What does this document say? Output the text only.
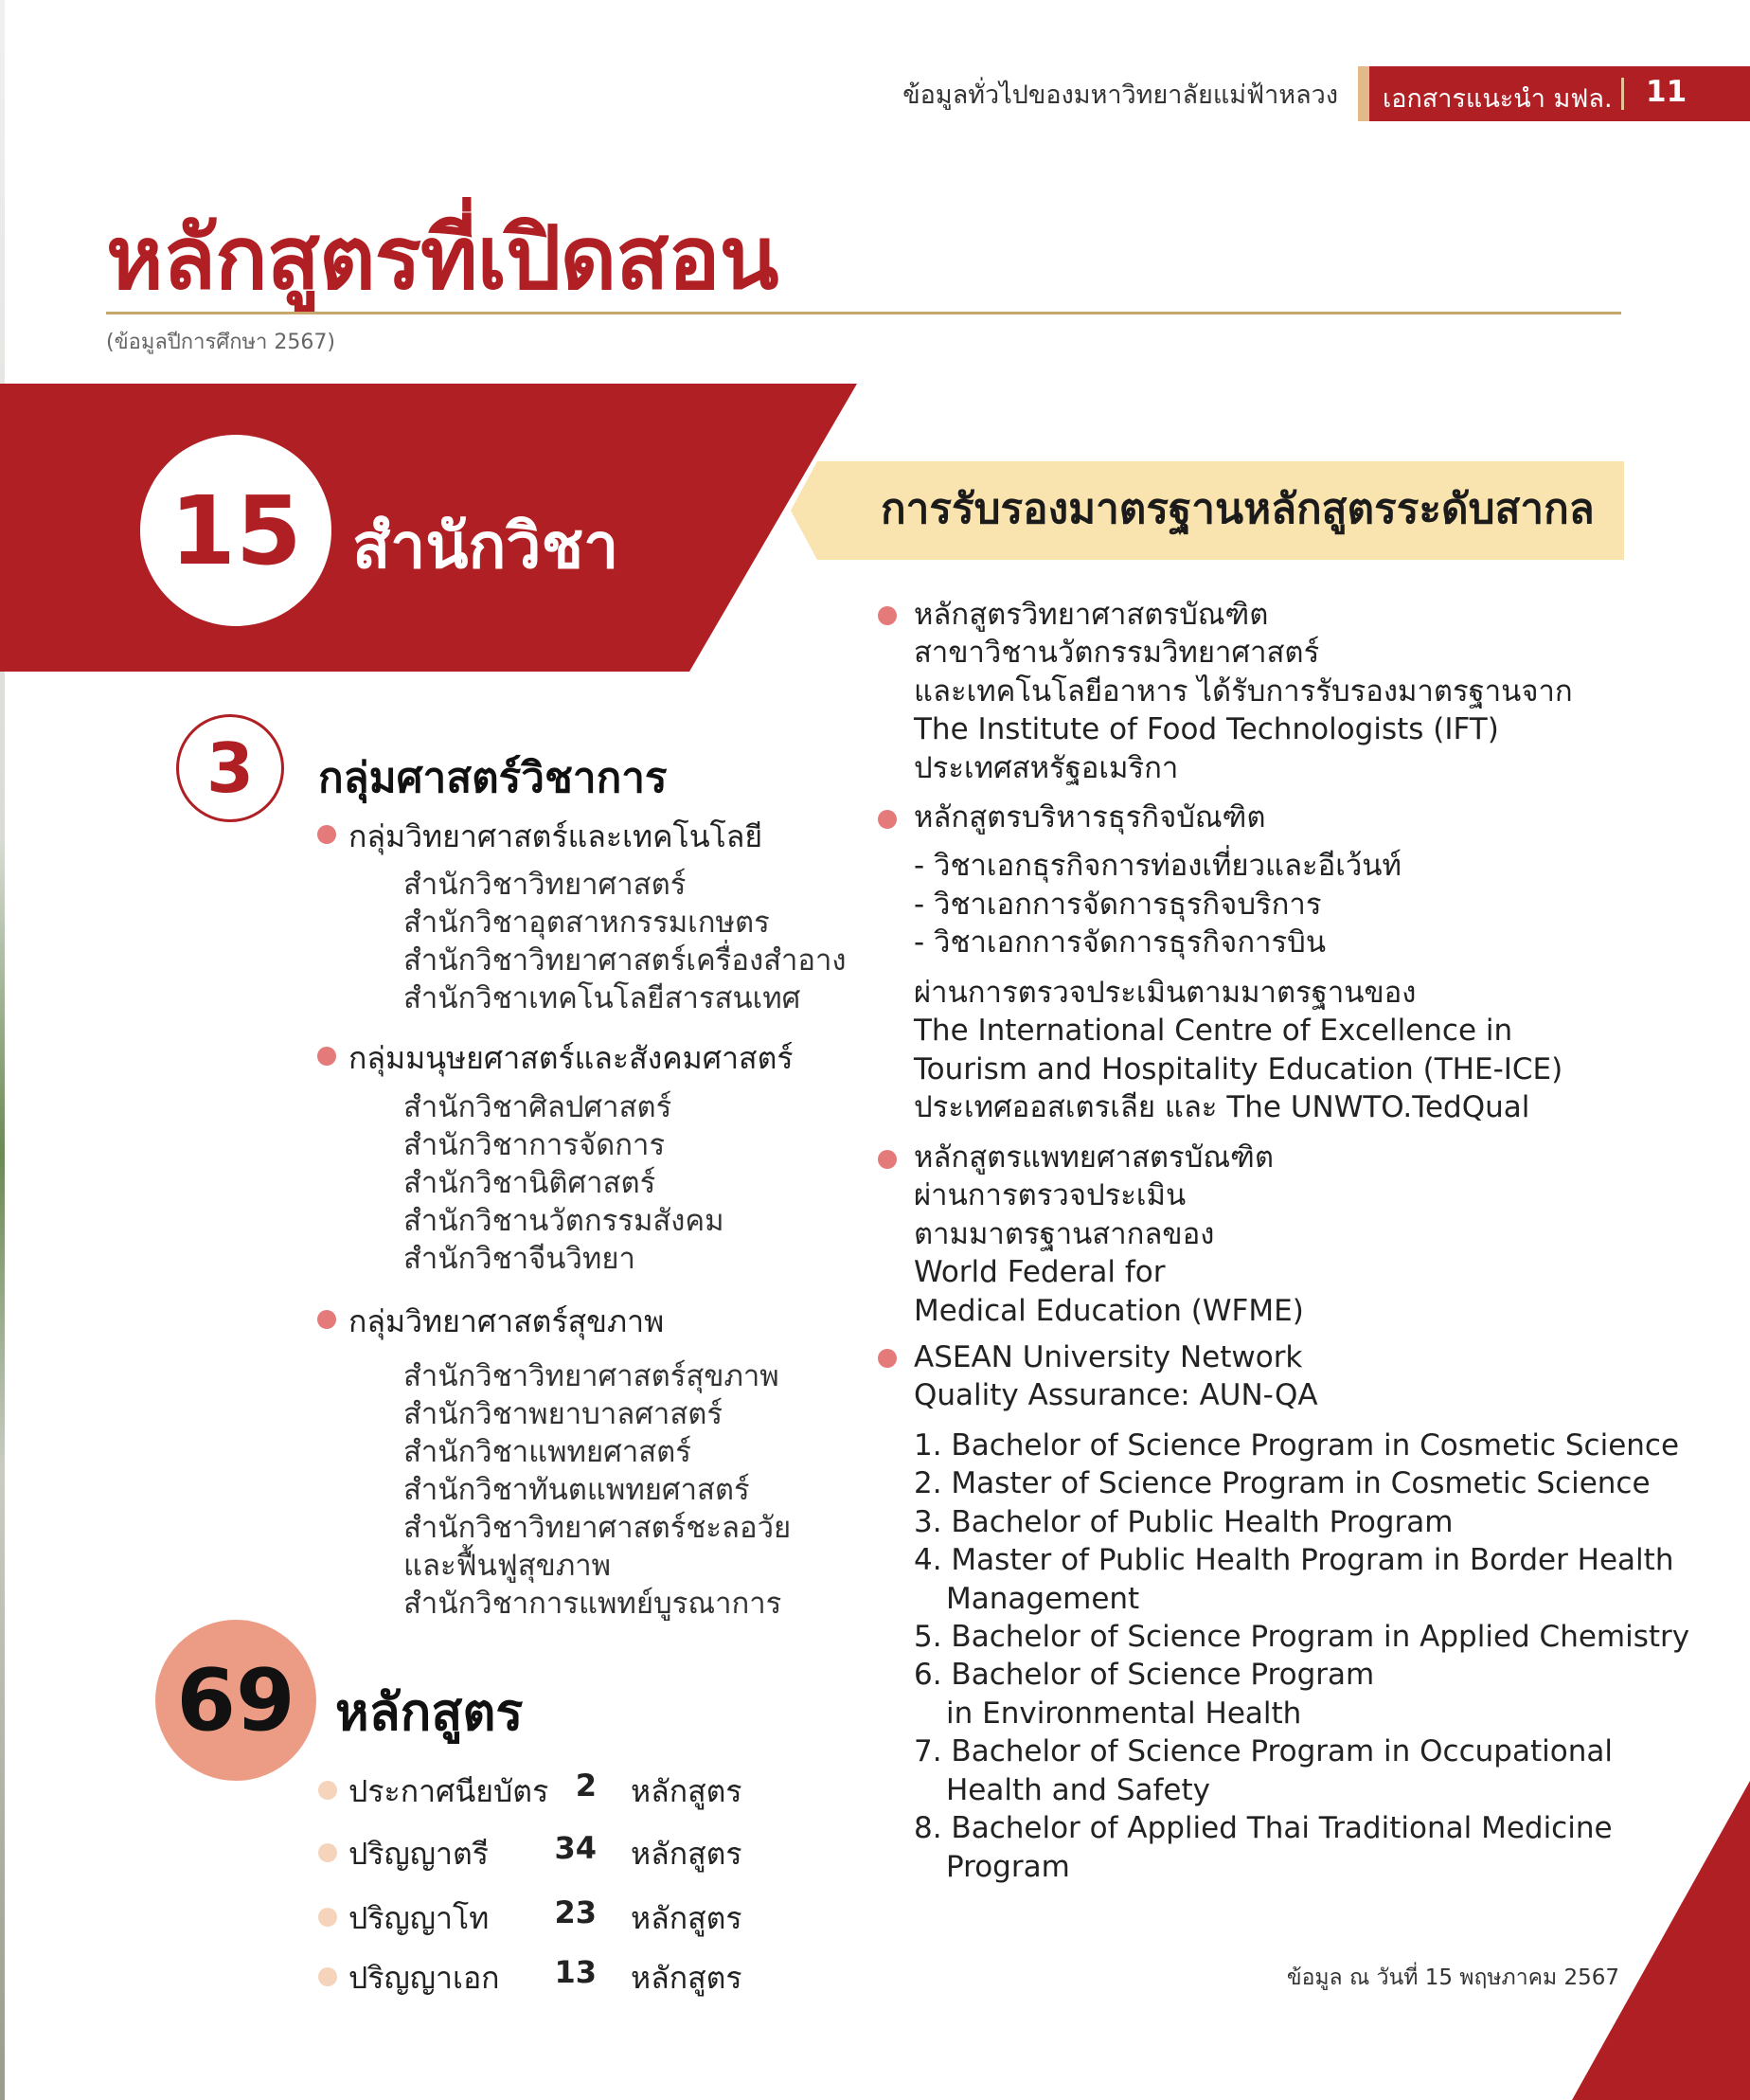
ข้อมูลทั่วไปของมหาวิทยาลัยแม่ฟ้าหลวง เอกสารแนะนำ มฟล. 11
หลักสูตรที่เปิดสอน
(ข้อมูลปีการศึกษา 2567)
15 สำนักวิชา
การรับรองมาตรฐานหลักสูตรระดับสากล
3	กลุ่มศาสตร์วิชาการ
กลุ่มวิทยาศาสตร์และเทคโนโลยี
สำนักวิชาวิทยาศาสตร์
สำนักวิชาอุตสาหกรรมเกษตร
สำนักวิชาวิทยาศาสตร์เครื่องสำอาง
สำนักวิชาเทคโนโลยีสารสนเทศ
กลุ่มมนุษยศาสตร์และสังคมศาสตร์
สำนักวิชาศิลปศาสตร์
สำนักวิชาการจัดการ
สำนักวิชานิติศาสตร์
สำนักวิชานวัตกรรมสังคม
สำนักวิชาจีนวิทยา
กลุ่มวิทยาศาสตร์สุขภาพ
สำนักวิชาวิทยาศาสตร์สุขภาพ
สำนักวิชาพยาบาลศาสตร์
สำนักวิชาแพทยศาสตร์
สำนักวิชาทันตแพทยศาสตร์
สำนักวิชาวิทยาศาสตร์ชะลอวัย
และฟื้นฟูสุขภาพ
สำนักวิชาการแพทย์บูรณาการ
69 หลักสูตร
ประกาศนียบัตร 2 หลักสูตร
ปริญญาตรี	34 หลักสูตร
ปริญญาโท	23 หลักสูตร
ปริญญาเอก	13 หลักสูตร
หลักสูตรวิทยาศาสตรบัณฑิต
สาขาวิชานวัตกรรมวิทยาศาสตร์
และเทคโนโลยีอาหาร ได้รับการรับรองมาตรฐานจาก
The Institute of Food Technologists (IFT)
ประเทศสหรัฐอเมริกา
หลักสูตรบริหารธุรกิจบัณฑิต
- วิชาเอกธุรกิจการท่องเที่ยวและอีเว้นท์
- วิชาเอกการจัดการธุรกิจบริการ
- วิชาเอกการจัดการธุรกิจการบิน
ผ่านการตรวจประเมินตามมาตรฐานของ
The International Centre of Excellence in
Tourism and Hospitality Education (THE-ICE)
ประเทศออสเตรเลีย และ The UNWTO.TedQual
หลักสูตรแพทยศาสตรบัณฑิต
ผ่านการตรวจประเมิน
ตามมาตรฐานสากลของ
World Federal for
Medical Education (WFME)
ASEAN University Network
Quality Assurance: AUN-QA
1. Bachelor of Science Program in Cosmetic Science
2. Master of Science Program in Cosmetic Science
3. Bachelor of Public Health Program
4. Master of Public Health Program in Border Health
Management
5. Bachelor of Science Program in Applied Chemistry
6. Bachelor of Science Program
in Environmental Health
7. Bachelor of Science Program in Occupational
Health and Safety
8. Bachelor of Applied Thai Traditional Medicine
Program
ข้อมูล ณ วันที่ 15 พฤษภาคม 2567
